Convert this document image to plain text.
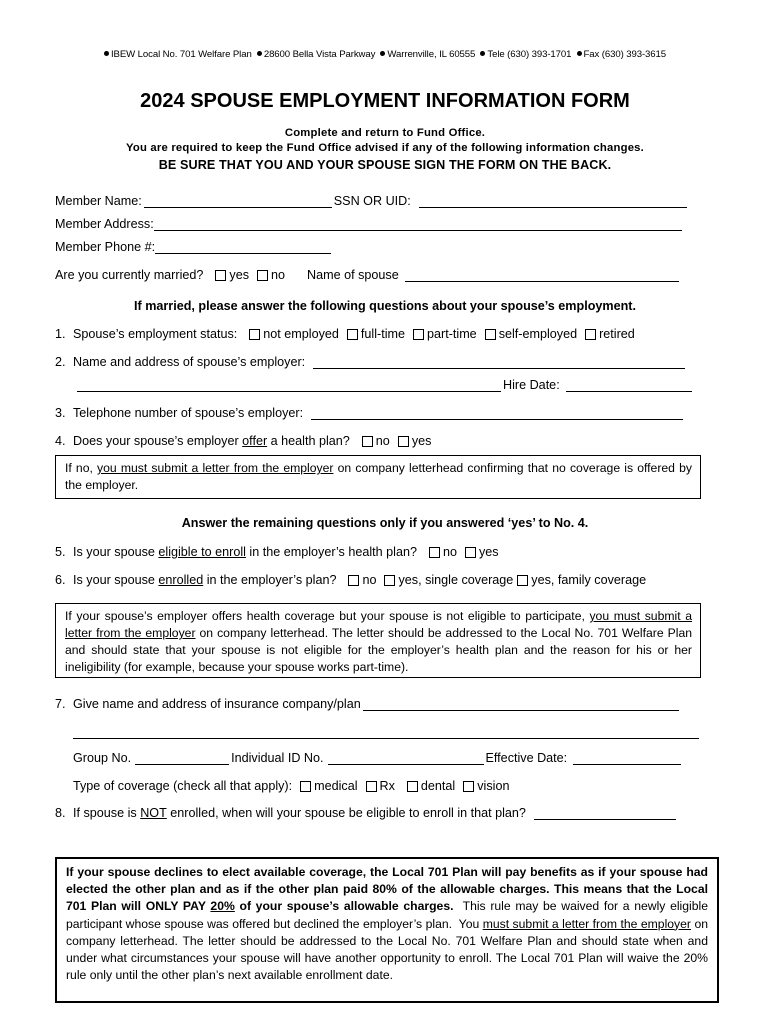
IBEW Local No. 701 Welfare Plan 28600 Bella Vista Parkway Warrenville, IL 60555 Tele (630) 393-1701 Fax (630) 393-3615
2024 SPOUSE EMPLOYMENT INFORMATION FORM
Complete and return to Fund Office.
You are required to keep the Fund Office advised if any of the following information changes.
BE SURE THAT YOU AND YOUR SPOUSE SIGN THE FORM ON THE BACK.
Member Name:	SSN OR UID:
Member Address:
Member Phone #:
Are you currently married? yes no Name of spouse
If married, please answer the following questions about your spouse’s employment.
1. Spouse’s employment status: not employed full-time part-time self-employed retired
2. Name and address of spouse’s employer:
Hire Date:
3. Telephone number of spouse’s employer:
4. Does your spouse’s employer offer a health plan? no yes
If no, you must submit a letter from the employer on company letterhead confirming that no coverage is offered by the employer.
Answer the remaining questions only if you answered ‘yes’ to No. 4.
5. Is your spouse eligible to enroll in the employer’s health plan? no yes
6. Is your spouse enrolled in the employer’s plan? no yes, single coverage yes, family coverage
If your spouse’s employer offers health coverage but your spouse is not eligible to participate, you must submit a letter from the employer on company letterhead. The letter should be addressed to the Local No. 701 Welfare Plan and should state that your spouse is not eligible for the employer’s health plan and the reason for his or her ineligibility (for example, because your spouse works part-time).
7. Give name and address of insurance company/plan
Group No.	Individual ID No.	Effective Date:
Type of coverage (check all that apply): medical Rx dental vision
8. If spouse is NOT enrolled, when will your spouse be eligible to enroll in that plan?
If your spouse declines to elect available coverage, the Local 701 Plan will pay benefits as if your spouse had elected the other plan and as if the other plan paid 80% of the allowable charges. This means that the Local 701 Plan will ONLY PAY 20% of your spouse’s allowable charges.  This rule may be waived for a newly eligible participant whose spouse was offered but declined the employer’s plan.  You must submit a letter from the employer on company letterhead. The letter should be addressed to the Local No. 701 Welfare Plan and should state when and under what circumstances your spouse will have another opportunity to enroll. The Local 701 Plan will waive the 20% rule only until the other plan’s next available enrollment date.
